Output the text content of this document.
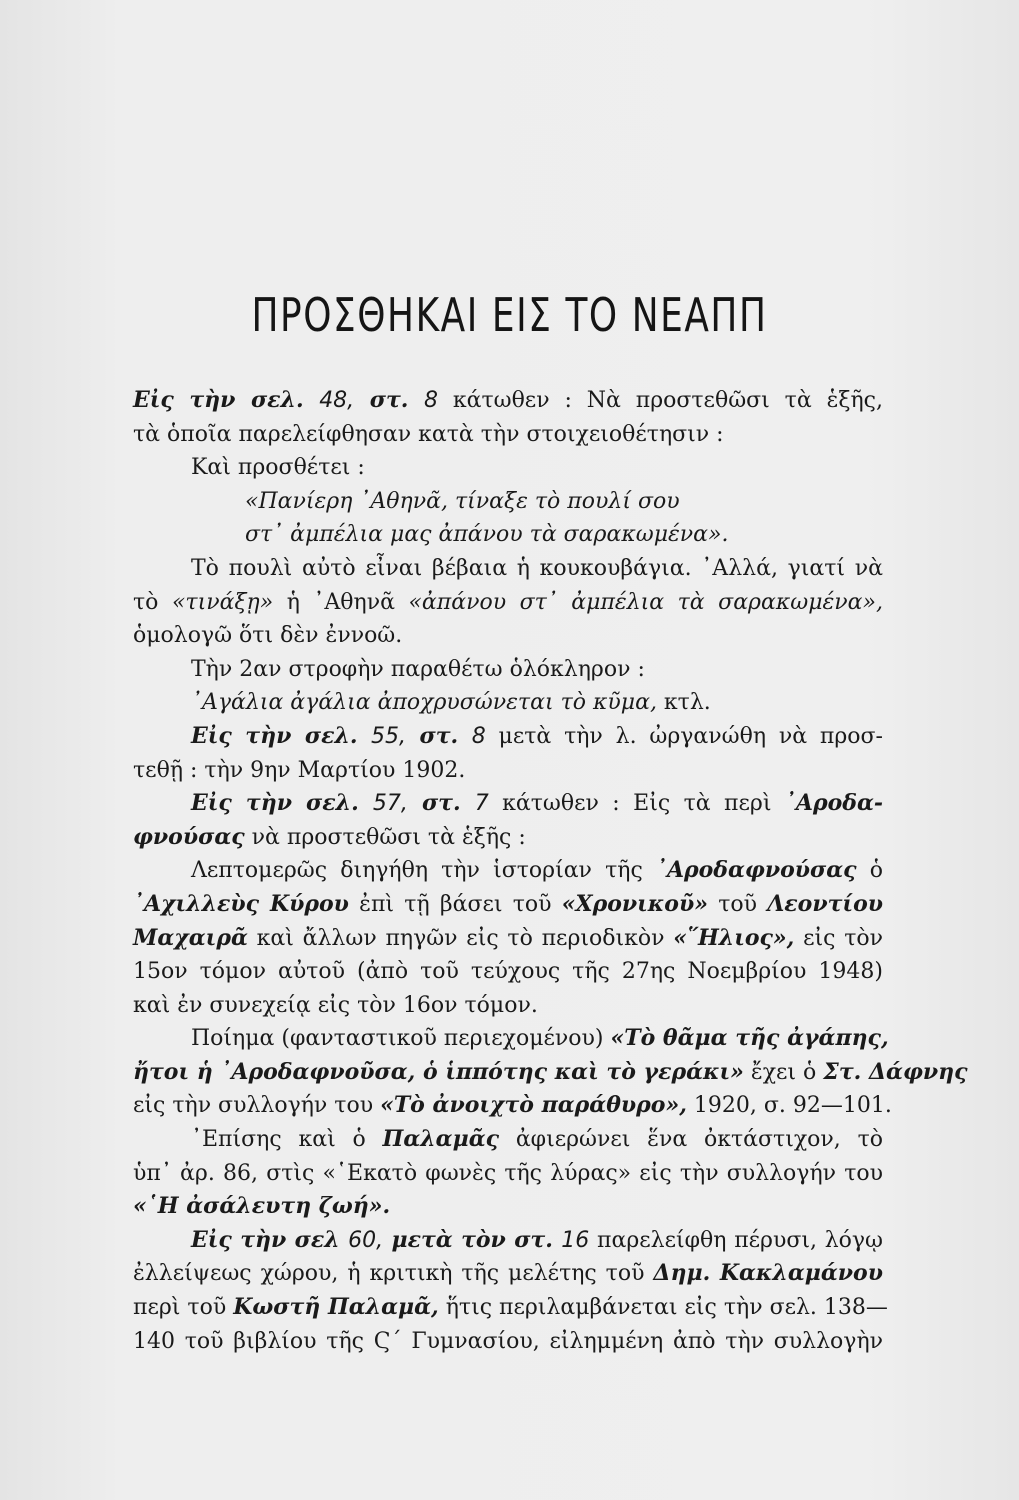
ΠΡΟΣΘΗΚΑΙ ΕΙΣ ΤΟ ΝΕΑΠΠ
Εἰς τὴν σελ. 48, στ. 8 κάτωθεν : Νὰ προστεθῶσι τὰ ἑξῆς,
τὰ ὁποῖα παρελείφθησαν κατὰ τὴν στοιχειοθέτησιν :
Καὶ προσθέτει :
«Πανίερη ᾿Αθηνᾶ, τίναξε τὸ πουλί σου
στ᾿ ἀμπέλια μας ἀπάνου τὰ σαρακωμένα».
Τὸ πουλὶ αὐτὸ εἶναι βέβαια ἡ κουκουβάγια. ᾿Αλλά, γιατί νὰ
τὸ «τινάξῃ» ἡ ᾿Αθηνᾶ «ἀπάνου στ᾿ ἀμπέλια τὰ σαρακωμένα»,
ὁμολογῶ ὅτι δὲν ἐννοῶ.
Τὴν 2αν στροφὴν παραθέτω ὁλόκληρον :
᾿Αγάλια ἀγάλια ἀποχρυσώνεται τὸ κῦμα, κτλ.
Εἰς τὴν σελ. 55, στ. 8 μετὰ τὴν λ. ὠργανώθη νὰ προσ-
τεθῇ : τὴν 9ην Μαρτίου 1902.
Εἰς τὴν σελ. 57, στ. 7 κάτωθεν : Εἰς τὰ περὶ ᾿Αροδα-
φνούσας νὰ προστεθῶσι τὰ ἑξῆς :
Λεπτομερῶς διηγήθη τὴν ἱστορίαν τῆς ᾿Αροδαφνούσας ὁ
᾿Αχιλλεὺς Κύρου ἐπὶ τῇ βάσει τοῦ «Χρονικοῦ» τοῦ Λεοντίου
Μαχαιρᾶ καὶ ἄλλων πηγῶν εἰς τὸ περιοδικὸν «῞Ηλιος», εἰς τὸν
15ον τόμον αὐτοῦ (ἀπὸ τοῦ τεύχους τῆς 27ης Νοεμβρίου 1948)
καὶ ἐν συνεχείᾳ εἰς τὸν 16ον τόμον.
Ποίημα (φανταστικοῦ περιεχομένου) «Τὸ θᾶμα τῆς ἀγάπης,
ἤτοι ἡ ᾿Αροδαφνοῦσα, ὁ ἱππότης καὶ τὸ γεράκι» ἔχει ὁ Στ. Δάφνης
εἰς τὴν συλλογήν του «Τὸ ἀνοιχτὸ παράθυρο», 1920, σ. 92—101.
᾿Επίσης καὶ ὁ Παλαμᾶς ἀφιερώνει ἕνα ὀκτάστιχον, τὸ
ὑπ᾿ ἀρ. 86, στὶς «῾Εκατὸ φωνὲς τῆς λύρας» εἰς τὴν συλλογήν του
«῾Η ἀσάλευτη ζωή».
Εἰς τὴν σελ 60, μετὰ τὸν στ. 16 παρελείφθη πέρυσι, λόγῳ
ἐλλείψεως χώρου, ἡ κριτικὴ τῆς μελέτης τοῦ Δημ. Κακλαμάνου
περὶ τοῦ Κωστῆ Παλαμᾶ, ἥτις περιλαμβάνεται εἰς τὴν σελ. 138—
140 τοῦ βιβλίου τῆς Ϛ´ Γυμνασίου, εἰλημμένη ἀπὸ τὴν συλλογὴν
